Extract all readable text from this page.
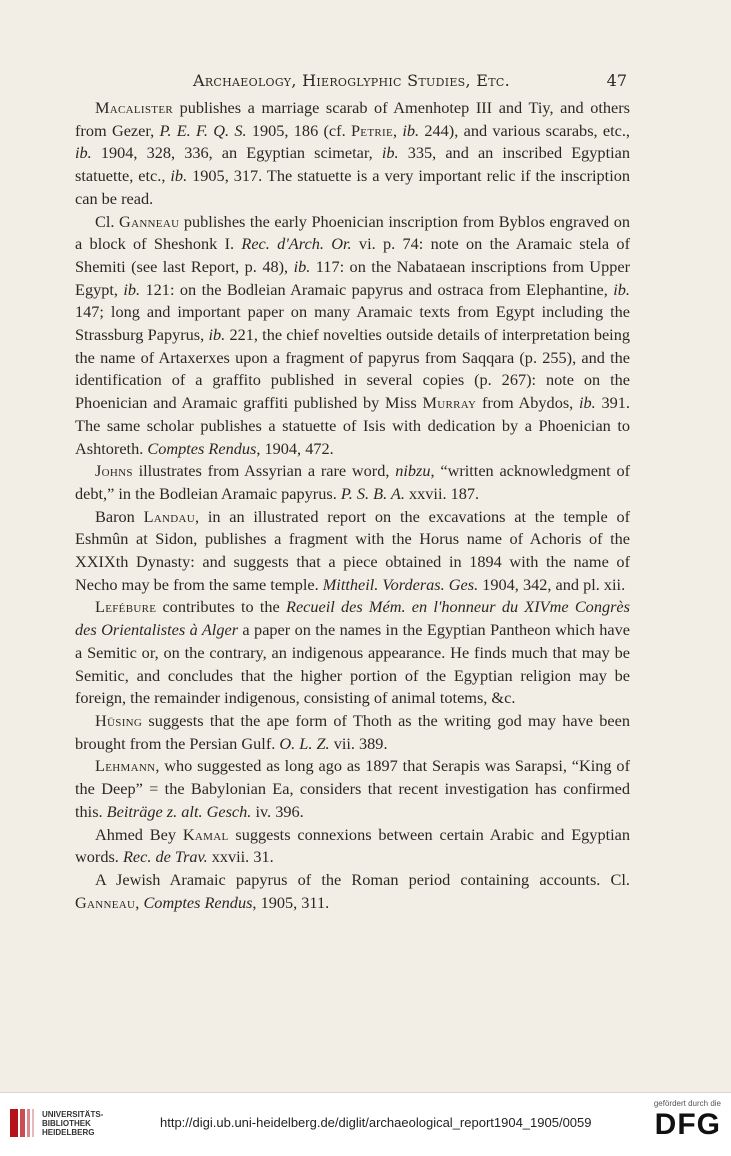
Archaeology, Hieroglyphic Studies, Etc.	47

Macalister publishes a marriage scarab of Amenhotep III and Tiy, and others from Gezer, P. E. F. Q. S. 1905, 186 (cf. Petrie, ib. 244), and various scarabs, etc., ib. 1904, 328, 336, an Egyptian scimetar, ib. 335, and an inscribed Egyptian statuette, etc., ib. 1905, 317. The statuette is a very important relic if the inscription can be read.

Cl. Ganneau publishes the early Phoenician inscription from Byblos engraved on a block of Sheshonk I. Rec. d'Arch. Or. vi. p. 74: note on the Aramaic stela of Shemiti (see last Report, p. 48), ib. 117: on the Nabataean inscriptions from Upper Egypt, ib. 121: on the Bodleian Aramaic papyrus and ostraca from Elephantine, ib. 147; long and important paper on many Aramaic texts from Egypt including the Strassburg Papyrus, ib. 221, the chief novelties outside details of interpretation being the name of Artaxerxes upon a fragment of papyrus from Saqqara (p. 255), and the identification of a graffito published in several copies (p. 267): note on the Phoenician and Aramaic graffiti published by Miss Murray from Abydos, ib. 391. The same scholar publishes a statuette of Isis with dedication by a Phoenician to Ashtoreth. Comptes Rendus, 1904, 472.

Johns illustrates from Assyrian a rare word, nibzu, “written acknowledgment of debt,” in the Bodleian Aramaic papyrus. P. S. B. A. xxvii. 187.

Baron Landau, in an illustrated report on the excavations at the temple of Eshmûn at Sidon, publishes a fragment with the Horus name of Achoris of the XXIXth Dynasty: and suggests that a piece obtained in 1894 with the name of Necho may be from the same temple. Mittheil. Vorderas. Ges. 1904, 342, and pl. xii.

Lefébure contributes to the Recueil des Mém. en l'honneur du XIVme Congrès des Orientalistes à Alger a paper on the names in the Egyptian Pantheon which have a Semitic or, on the contrary, an indigenous appearance. He finds much that may be Semitic, and concludes that the higher portion of the Egyptian religion may be foreign, the remainder indigenous, consisting of animal totems, &c.

Hüsing suggests that the ape form of Thoth as the writing god may have been brought from the Persian Gulf. O. L. Z. vii. 389.

Lehmann, who suggested as long ago as 1897 that Serapis was Sarapsi, “King of the Deep” = the Babylonian Ea, considers that recent investigation has confirmed this. Beiträge z. alt. Gesch. iv. 396.

Ahmed Bey Kamal suggests connexions between certain Arabic and Egyptian words. Rec. de Trav. xxvii. 31.

A Jewish Aramaic papyrus of the Roman period containing accounts. Cl. Ganneau, Comptes Rendus, 1905, 311.

UNIVERSITÄTS-
BIBLIOTHEK
HEIDELBERG
http://digi.ub.uni-heidelberg.de/diglit/archaeological_report1904_1905/0059
gefördert durch die
DFG
